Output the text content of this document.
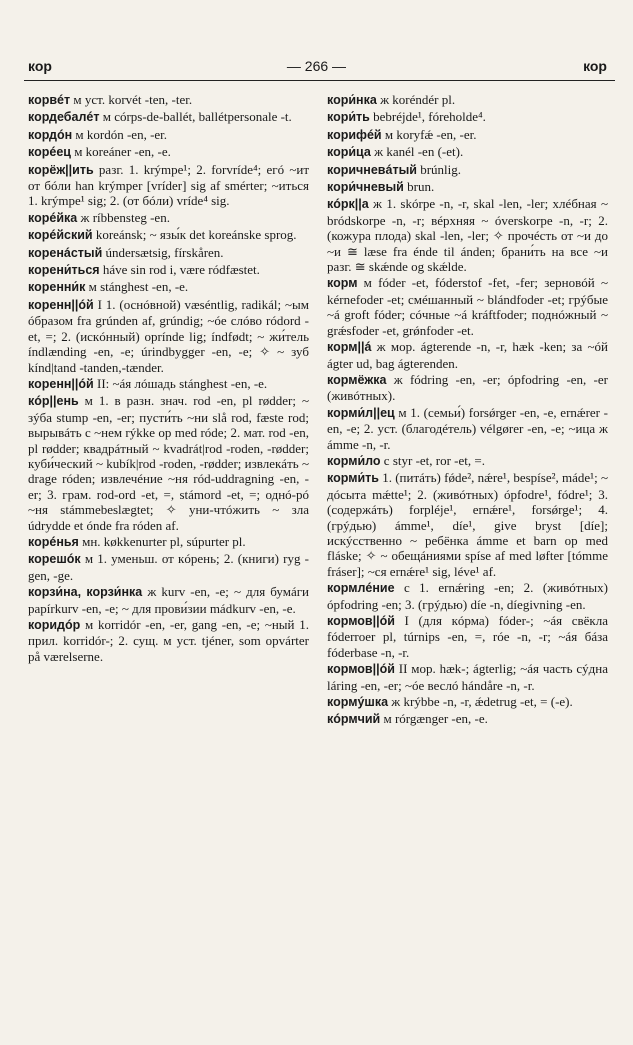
кор	— 266 —	кор

корвéт м уст. korvét -ten, -ter.

кордебалéт м córps-de-ballét, ballétpersonale -t.

кордóн м kordón -en, -er.

корéец м koreáner -en, -e.

корёж||ить разг. 1. krýmpe¹; 2. forvríde⁴; егó ~ит от бóли han krýmper [vríder] sig af smérter; ~иться 1. krýmpe¹ sig; 2. (от бóли) vríde⁴ sig.

корéйка ж ríbbensteg -en.

корéйский koreánsk; ~ язы́к det koreánske sprog.

коренáстый úndersætsig, fírskåren.

корени́ться háve sin rod i, være ródfæstet.

коренни́к м stánghest -en, -e.

коренн||óй I 1. (оснóвной) væséntlig, radikál; ~ым óбразом fra grúnden af, grúndig; ~óе слóво ródord -et, =; 2. (искóнный) oprínde lig; índfødt; ~ жи́тель índlænding -en, -e; úrindbygger -en, -e; ✧ ~ зуб kínd|tand -tanden,-tænder.

коренн||óй II: ~áя лóшадь stánghest -en, -e.

кóр||ень м 1. в разн. знач. rod -en, pl rødder; ~ зýба stump -en, -er; пусти́ть ~ни slå rod, fæste rod; вырывáть с ~нем rýkke op med róde; 2. мат. rod -en, pl rødder; квадрáтный ~ kvadrát|rod -roden, -rødder; куби́ческий ~ kubík|rod -roden, -rødder; извлекáть ~ drage róden; извлечéние ~ня ród-uddragning -en, -er; 3. грам. rod-ord -et, =, stámord -et, =; однó-рó ~ня stámmebeslægtet; ✧ уни-чтóжить ~ зла údrydde et ónde fra róden af.

корéнья мн. køkkenurter pl, súpurter pl.

корешóк м 1. уменьш. от кóрень; 2. (книги) ryg -gen, -ge.

корзи́на, корзи́нка ж kurv -en, -e; ~ для бумáги papírkurv -en, -e; ~ для прови́зии mádkurv -en, -e.

коридóр м korridór -en, -er, gang -en, -e; ~ный 1. прил. korridór-; 2. сущ. м уст. tjéner, som opvárter på værelserne.

кори́нка ж koréndér pl.

кори́ть bebréjde¹, fóreholde⁴.

корифéй м koryfǽ -en, -er.

кори́ца ж kanél -en (-et).

коричневáтый brúnlig.

кори́чневый brun.

кóрк||а ж 1. skórpe -n, -r, skal -len, -ler; хлéбная ~ bródskorpe -n, -r; вéрхняя ~ óverskorpe -n, -r; 2. (кожура плода) skal -len, -ler; ✧ прочéсть от ~и до ~и ≅ læse fra énde til ánden; брани́ть на все ~и разг. ≅ skǽnde og skǽlde.

корм м fóder -et, fóderstof -fet, -fer; зерновóй ~ kérnefoder -et; смéшанный ~ blándfoder -et; грýбые ~á groft fóder; сóчные ~á kráftfoder; поднóжный ~ grǽsfoder -et, grǿnfoder -et.

корм||á ж мор. ágterende -n, -r, hæk -ken; за ~óй ágter ud, bag ágterenden.

кормёжка ж fódring -en, -er; ópfodring -en, -er (живóтных).

корми́л||ец м 1. (семьи́) forsǿrger -en, -e, ernǽrer -en, -e; 2. уст. (благодéтель) vélgører -en, -e; ~ица ж ámme -n, -r.

корми́ло с styr -et, ror -et, =.

корми́ть 1. (питáть) fǿde², nǽre¹, bespíse², máde¹; ~ дóсыта mǽtte¹; 2. (живóтных) ópfodre¹, fódre¹; 3. (содержáть) forpléje¹, ernǽre¹, forsǿrge¹; 4. (грýдью) ámme¹, díe¹, give bryst [díe]; искýсственно ~ ребёнка ámme et barn op med fláske; ✧ ~ обещáниями spíse af med løfter [tómme fráser]; ~ся ernǽre¹ sig, léve¹ af.

кормлéние с 1. ernǽring -en; 2. (живóтных) ópfodring -en; 3. (грýдью) díe -n, díegivning -en.

кормов||óй I (для кóрма) fóder-; ~áя свёкла fóderroer pl, túrnips -en, =, róe -n, -r; ~áя бáза fóderbase -n, -r.

кормов||óй II мор. hæk-; ágterlig; ~áя часть сýдна láring -en, -er; ~óе веслó hándåre -n, -r.

кормýшка ж krýbbe -n, -r, ǽdetrug -et, = (-e).

кóрмчий м rórgænger -en, -e.
